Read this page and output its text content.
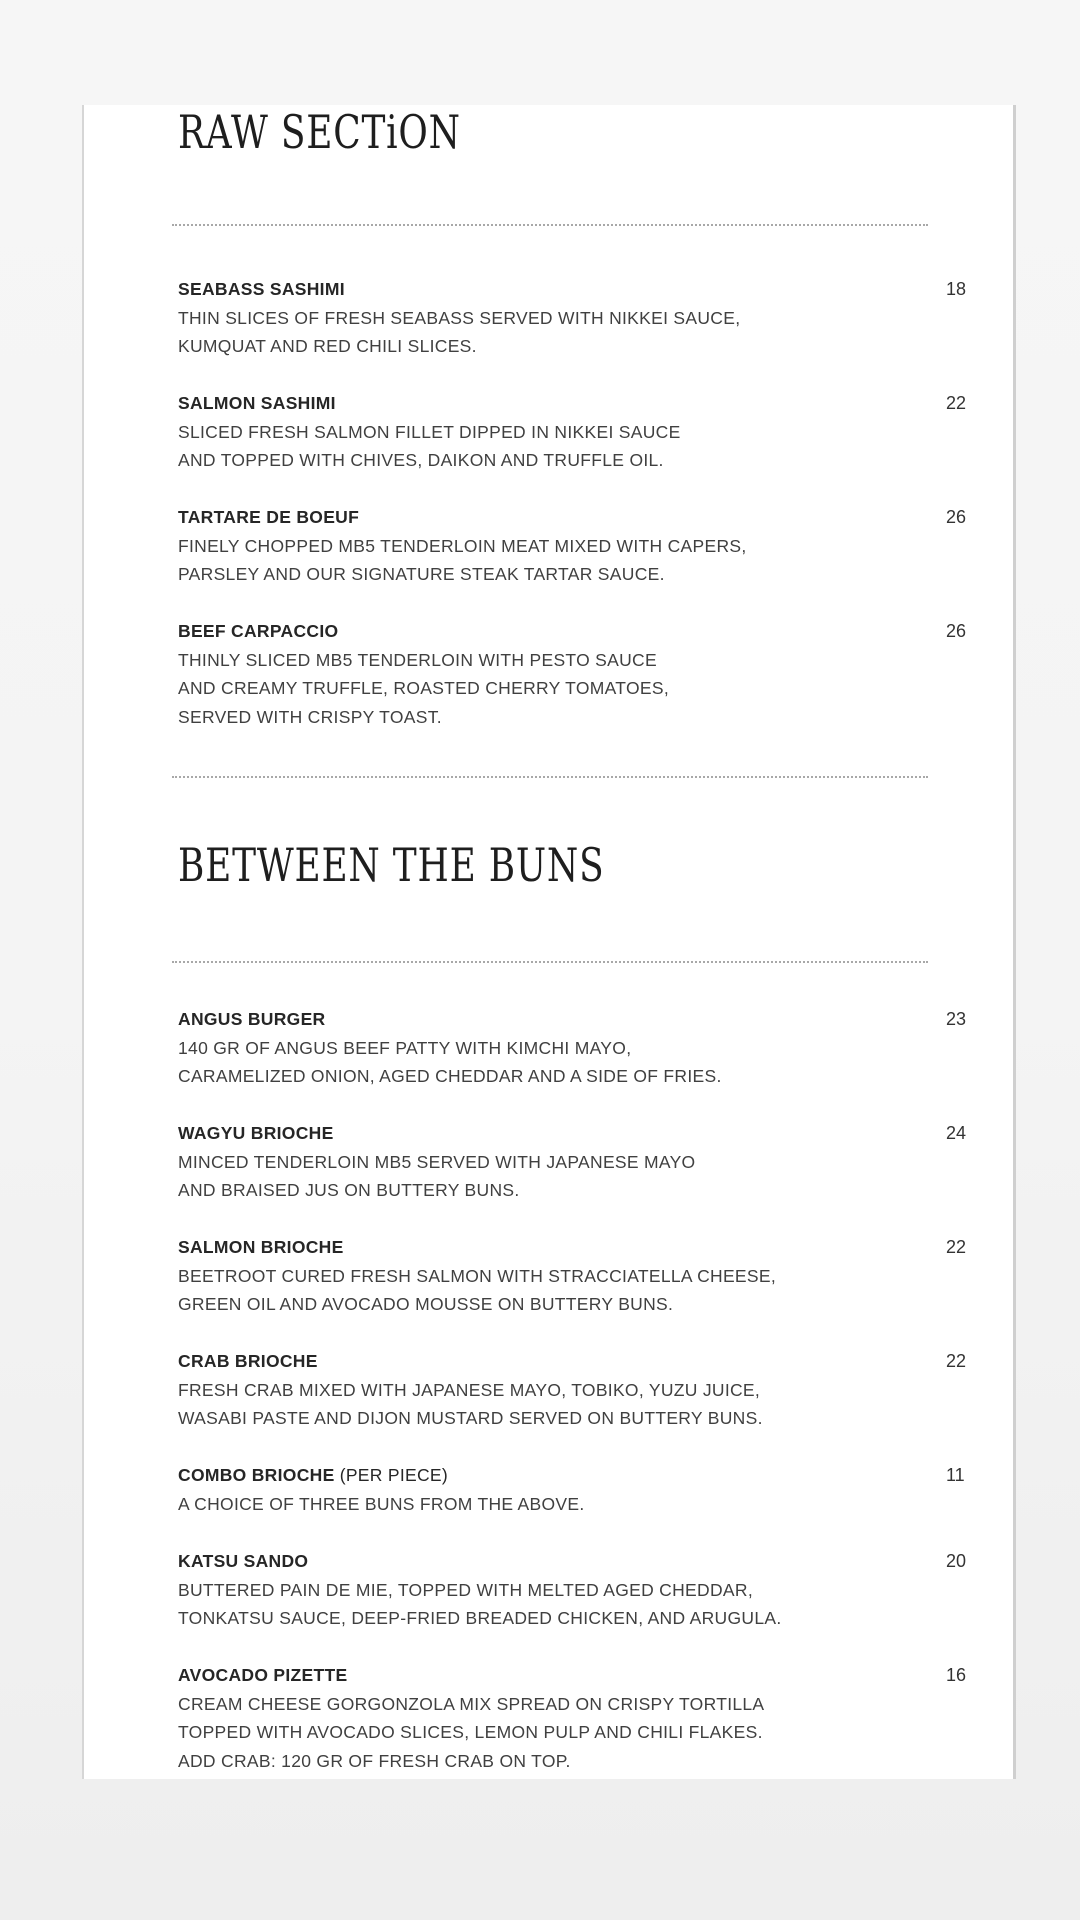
RAW SECTiON
SEABASS SASHIMI	18
THIN SLICES OF FRESH SEABASS SERVED WITH NIKKEI SAUCE,
KUMQUAT AND RED CHILI SLICES.
SALMON SASHIMI	22
SLICED FRESH SALMON FILLET DIPPED IN NIKKEI SAUCE
AND TOPPED WITH CHIVES, DAIKON AND TRUFFLE OIL.
TARTARE DE BOEUF	26
FINELY CHOPPED MB5 TENDERLOIN MEAT MIXED WITH CAPERS,
PARSLEY AND OUR SIGNATURE STEAK TARTAR SAUCE.
BEEF CARPACCIO	26
THINLY SLICED MB5 TENDERLOIN WITH PESTO SAUCE
AND CREAMY TRUFFLE, ROASTED CHERRY TOMATOES,
SERVED WITH CRISPY TOAST.
BETWEEN THE BUNS
ANGUS BURGER	23
140 GR OF ANGUS BEEF PATTY WITH KIMCHI MAYO,
CARAMELIZED ONION, AGED CHEDDAR AND A SIDE OF FRIES.
WAGYU BRIOCHE	24
MINCED TENDERLOIN MB5 SERVED WITH JAPANESE MAYO
AND BRAISED JUS ON BUTTERY BUNS.
SALMON BRIOCHE	22
BEETROOT CURED FRESH SALMON WITH STRACCIATELLA CHEESE,
GREEN OIL AND AVOCADO MOUSSE ON BUTTERY BUNS.
CRAB BRIOCHE	22
FRESH CRAB MIXED WITH JAPANESE MAYO, TOBIKO, YUZU JUICE,
WASABI PASTE AND DIJON MUSTARD SERVED ON BUTTERY BUNS.
COMBO BRIOCHE (PER PIECE)	11
A CHOICE OF THREE BUNS FROM THE ABOVE.
KATSU SANDO	20
BUTTERED PAIN DE MIE, TOPPED WITH MELTED AGED CHEDDAR,
TONKATSU SAUCE, DEEP-FRIED BREADED CHICKEN, AND ARUGULA.
AVOCADO PIZETTE	16
CREAM CHEESE GORGONZOLA MIX SPREAD ON CRISPY TORTILLA
TOPPED WITH AVOCADO SLICES, LEMON PULP AND CHILI FLAKES.
ADD CRAB: 120 GR OF FRESH CRAB ON TOP.
